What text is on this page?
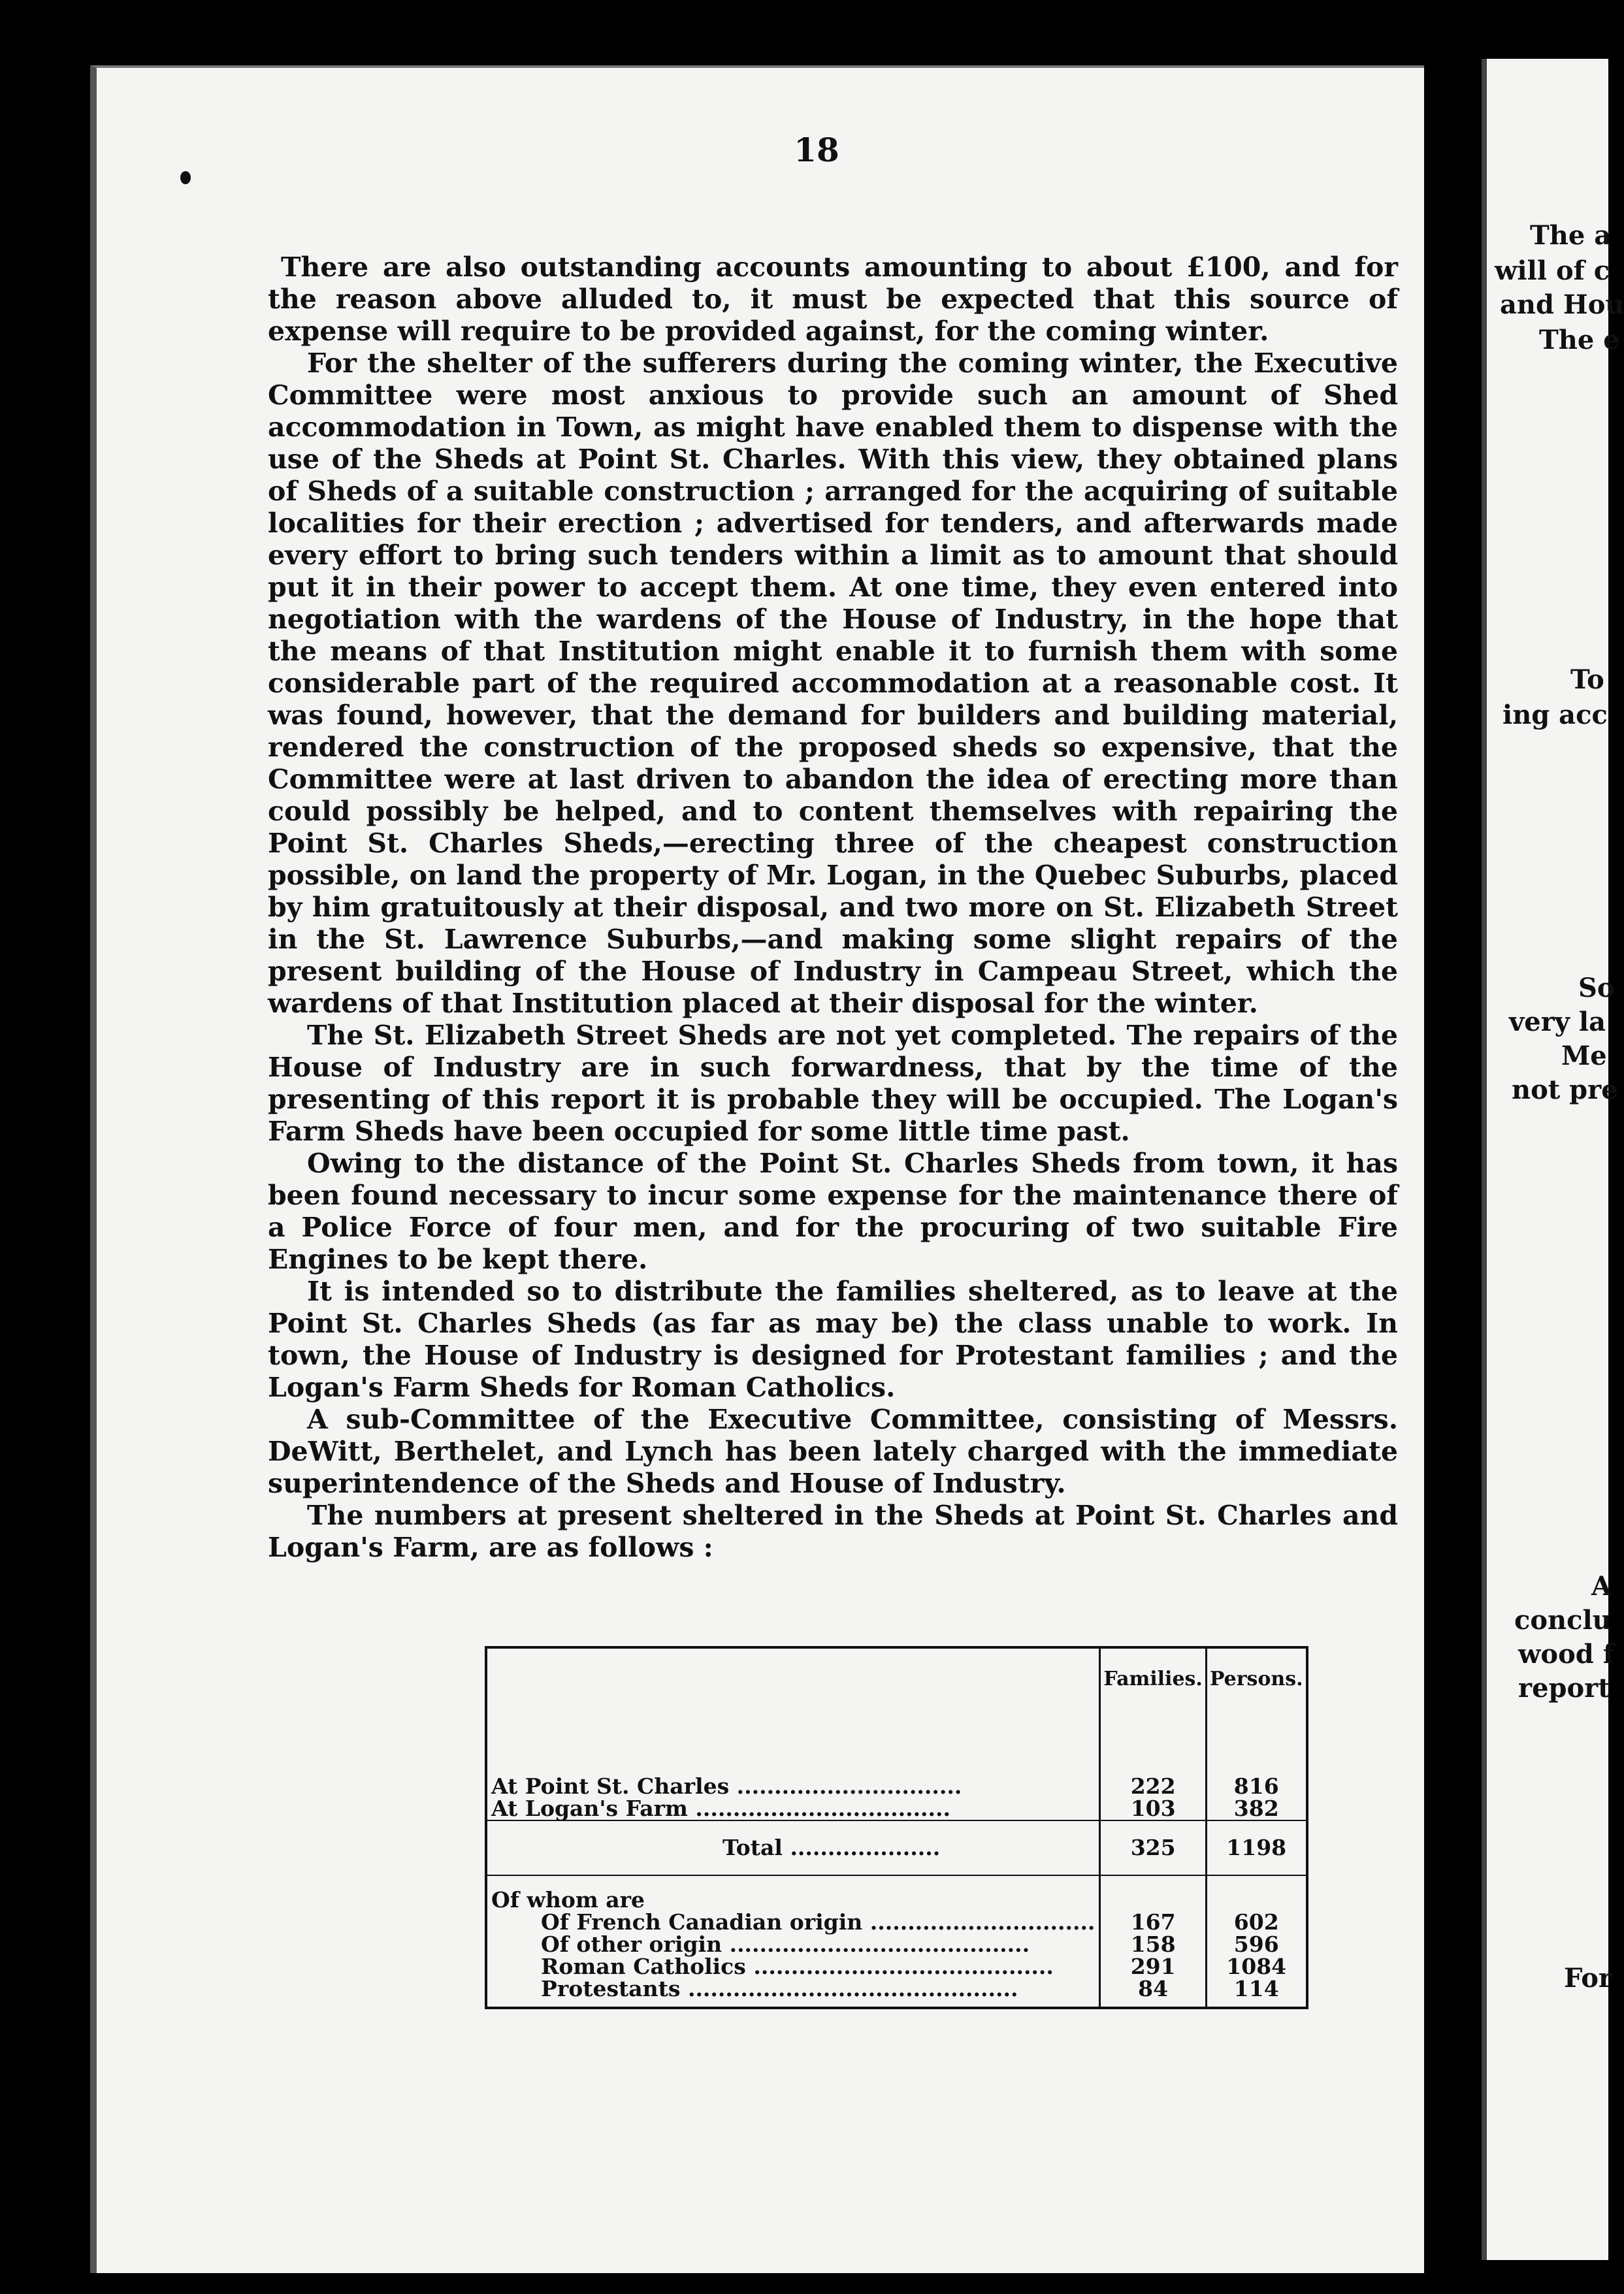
18

There are also outstanding accounts amounting to about £100, and for the reason above alluded to, it must be expected that this source of expense will require to be provided against, for the coming winter.

For the shelter of the sufferers during the coming winter, the Executive Committee were most anxious to provide such an amount of Shed accommodation in Town, as might have enabled them to dispense with the use of the Sheds at Point St. Charles. With this view, they obtained plans of Sheds of a suitable construction ; arranged for the acquiring of suitable localities for their erection ; advertised for tenders, and afterwards made every effort to bring such tenders within a limit as to amount that should put it in their power to accept them. At one time, they even entered into negotiation with the wardens of the House of Industry, in the hope that the means of that Institution might enable it to furnish them with some considerable part of the required accommodation at a reasonable cost. It was found, however, that the demand for builders and building material, rendered the construction of the proposed sheds so expensive, that the Committee were at last driven to abandon the idea of erecting more than could possibly be helped, and to content themselves with repairing the Point St. Charles Sheds,—erecting three of the cheapest construction possible, on land the property of Mr. Logan, in the Quebec Suburbs, placed by him gratuitously at their disposal, and two more on St. Elizabeth Street in the St. Lawrence Suburbs,—and making some slight repairs of the present building of the House of Industry in Campeau Street, which the wardens of that Institution placed at their disposal for the winter.

The St. Elizabeth Street Sheds are not yet completed. The repairs of the House of Industry are in such forwardness, that by the time of the presenting of this report it is probable they will be occupied. The Logan's Farm Sheds have been occupied for some little time past.

Owing to the distance of the Point St. Charles Sheds from town, it has been found necessary to incur some expense for the maintenance there of a Police Force of four men, and for the procuring of two suitable Fire Engines to be kept there.

It is intended so to distribute the families sheltered, as to leave at the Point St. Charles Sheds (as far as may be) the class unable to work. In town, the House of Industry is designed for Protestant families ; and the Logan's Farm Sheds for Roman Catholics.

A sub-Committee of the Executive Committee, consisting of Messrs. DeWitt, Berthelet, and Lynch has been lately charged with the immediate superintendence of the Sheds and House of Industry.

The numbers at present sheltered in the Sheds at Point St. Charles and Logan's Farm, are as follows :

	Families.	Persons.
At Point St. Charles ..............................	222	816
At Logan's Farm ..................................	103	382
Total ....................	325	1198
Of whom are		
Of French Canadian origin ..............................	167	602
Of other origin ........................................	158	596
Roman Catholics ........................................	291	1084
Protestants ............................................	84	114
The a
will of c
and Hou
The e
To
ing acc
So
very la
Me
not pre
A
conclu
wood f
report
For
